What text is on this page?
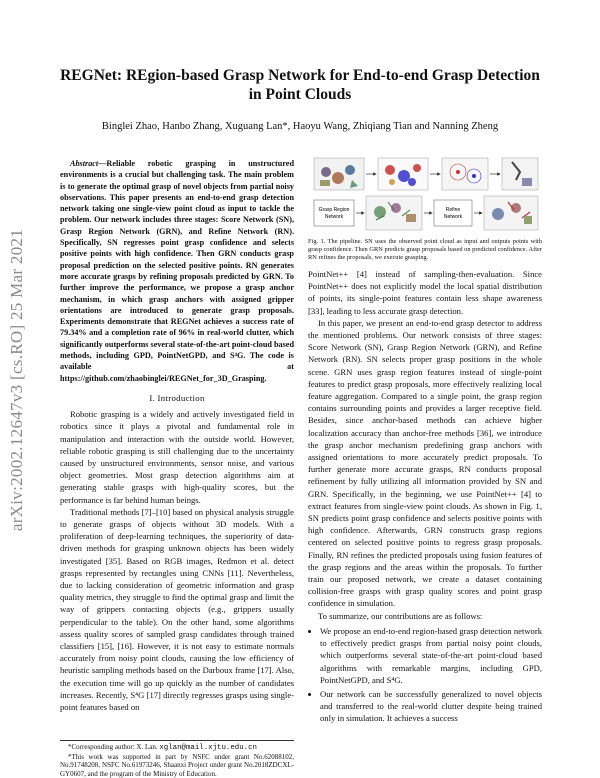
REGNet: REgion-based Grasp Network for End-to-end Grasp Detection in Point Clouds
Binglei Zhao, Hanbo Zhang, Xuguang Lan*, Haoyu Wang, Zhiqiang Tian and Nanning Zheng
arXiv:2002.12647v3 [cs.RO] 25 Mar 2021

Abstract—Reliable robotic grasping in unstructured environments is a crucial but challenging task. The main problem is to generate the optimal grasp of novel objects from partial noisy observations. This paper presents an end-to-end grasp detection network taking one single-view point cloud as input to tackle the problem. Our network includes three stages: Score Network (SN), Grasp Region Network (GRN), and Refine Network (RN). Specifically, SN regresses point grasp confidence and selects positive points with high confidence. Then GRN conducts grasp proposal prediction on the selected positive points. RN generates more accurate grasps by refining proposals predicted by GRN. To further improve the performance, we propose a grasp anchor mechanism, in which grasp anchors with assigned gripper orientations are introduced to generate grasp proposals. Experiments demonstrate that REGNet achieves a success rate of 79.34% and a completion rate of 96% in real-world clutter, which significantly outperforms several state-of-the-art point-cloud based methods, including GPD, PointNetGPD, and S⁴G. The code is available at https://github.com/zhaobinglei/REGNet_for_3D_Grasping.

I. Introduction

Robotic grasping is a widely and actively investigated field in robotics since it plays a pivotal and fundamental role in manipulation and interaction with the outside world. However, reliable robotic grasping is still challenging due to the uncertainty caused by unstructured environments, sensor noise, and various object geometries. Most grasp detection algorithms aim at generating stable grasps with high-quality scores, but the performance is far behind human beings.

Traditional methods [7]–[10] based on physical analysis struggle to generate grasps of objects without 3D models. With a proliferation of deep-learning techniques, the superiority of data-driven methods for grasping unknown objects has been widely investigated [35]. Based on RGB images, Redmon et al. detect grasps represented by rectangles using CNNs [11]. Nevertheless, due to lacking consideration of geometric information and grasp quality metrics, they struggle to find the optimal grasp and limit the way of grippers contacting objects (e.g., grippers usually perpendicular to the table). On the other hand, some algorithms assess quality scores of sampled grasp candidates through trained classifiers [15], [16]. However, it is not easy to estimate normals accurately from noisy point clouds, causing the low efficiency of heuristic sampling methods based on the Darboux frame [17]. Also, the execution time will go up quickly as the number of candidates increases. Recently, S⁴G [17] directly regresses grasps using single-point features based on

*Corresponding author: X. Lan. xglan@mail.xjtu.edu.cn

*This work was supported in part by NSFC under grant No.62088102, No.91748208, NSFC No.61973246, Shaanxi Project under grant No.2018ZDCXL-GY0607, and the program of the Ministry of Education.

Grasp Region
Network
Refine
Network
Fig. 1. The pipeline. SN uses the observed point cloud as input and outputs points with grasp confidence. Then GRN predicts grasp proposals based on predicted confidence. After RN refines the proposals, we execute grasping.

PointNet++ [4] instead of sampling-then-evaluation. Since PointNet++ does not explicitly model the local spatial distribution of points, its single-point features contain less shape awareness [33], leading to less accurate grasp detection.

In this paper, we present an end-to-end grasp detector to address the mentioned problems. Our network consists of three stages: Score Network (SN), Grasp Region Network (GRN), and Refine Network (RN). SN selects proper grasp positions in the whole scene. GRN uses grasp region features instead of single-point features to predict grasp proposals, more effectively realizing local feature aggregation. Compared to a single point, the grasp region contains surrounding points and provides a larger receptive field. Besides, since anchor-based methods can achieve higher localization accuracy than anchor-free methods [36], we introduce the grasp anchor mechanism predefining grasp anchors with assigned orientations to more accurately predict proposals. To further generate more accurate grasps, RN conducts proposal refinement by fully utilizing all information provided by SN and GRN. Specifically, in the beginning, we use PointNet++ [4] to extract features from single-view point clouds. As shown in Fig. 1, SN predicts point grasp confidence and selects positive points with high confidence. Afterwards, GRN constructs grasp regions centered on selected positive points to regress grasp proposals. Finally, RN refines the predicted proposals using fusion features of the grasp regions and the areas within the proposals. To further train our proposed network, we create a dataset containing collision-free grasps with grasp quality scores and point grasp confidence in simulation.

To summarize, our contributions are as follows:

• We propose an end-to-end region-based grasp detection network to effectively predict grasps from partial noisy point clouds, which outperforms several state-of-the-art point-cloud based algorithms with remarkable margins, including GPD, PointNetGPD, and S⁴G.
• Our network can be successfully generalized to novel objects and transferred to the real-world clutter despite being trained only in simulation. It achieves a success
